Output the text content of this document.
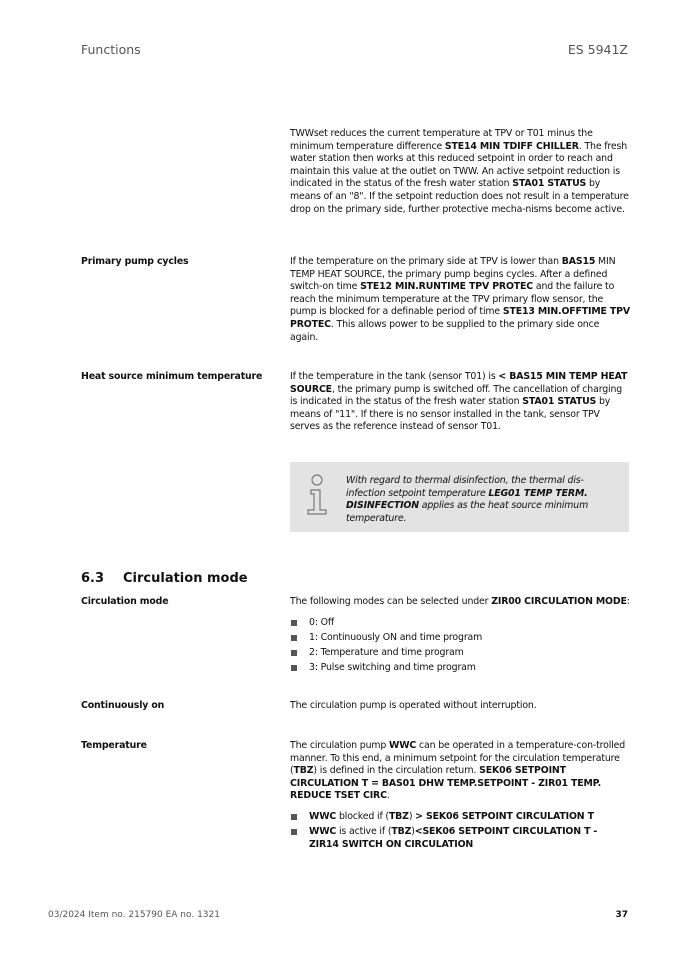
Functions	ES 5941Z

TWWset reduces the current temperature at TPV or T01 minus the minimum temperature difference STE14 MIN TDIFF CHILLER. The fresh water station then works at this reduced setpoint in order to reach and maintain this value at the outlet on TWW. An active setpoint reduction is indicated in the status of the fresh water station STA01 STATUS by means of an "8". If the setpoint reduction does not result in a temperature drop on the primary side, further protective mecha-nisms become active.

Primary pump cycles	If the temperature on the primary side at TPV is lower than BAS15 MIN TEMP HEAT SOURCE, the primary pump begins cycles. After a defined switch-on time STE12 MIN.RUNTIME TPV PROTEC and the failure to reach the minimum temperature at the TPV primary flow sensor, the pump is blocked for a definable period of time STE13 MIN.OFFTIME TPV PROTEC. This allows power to be supplied to the primary side once again.

Heat source minimum temperature	If the temperature in the tank (sensor T01) is < BAS15 MIN TEMP HEAT SOURCE, the primary pump is switched off. The cancellation of charging is indicated in the status of the fresh water station STA01 STATUS by means of "11". If there is no sensor installed in the tank, sensor TPV serves as the reference instead of sensor T01.

With regard to thermal disinfection, the thermal dis-infection setpoint temperature LEG01 TEMP TERM. DISINFECTION applies as the heat source minimum temperature.
6.3 Circulation mode
Circulation mode	The following modes can be selected under ZIR00 CIRCULATION MODE:

0: Off
1: Continuously ON and time program
2: Temperature and time program
3: Pulse switching and time program
Continuously on	The circulation pump is operated without interruption.

Temperature	The circulation pump WWC can be operated in a temperature-con-trolled manner. To this end, a minimum setpoint for the circulation temperature (TBZ) is defined in the circulation return. SEK06 SETPOINT CIRCULATION T = BAS01 DHW TEMP.SETPOINT - ZIR01 TEMP. REDUCE TSET CIRC.

WWC blocked if (TBZ) > SEK06 SETPOINT CIRCULATION T
WWC is active if (TBZ)<SEK06 SETPOINT CIRCULATION T - ZIR14 SWITCH ON CIRCULATION
03/2024 Item no. 215790 EA no. 1321	37
